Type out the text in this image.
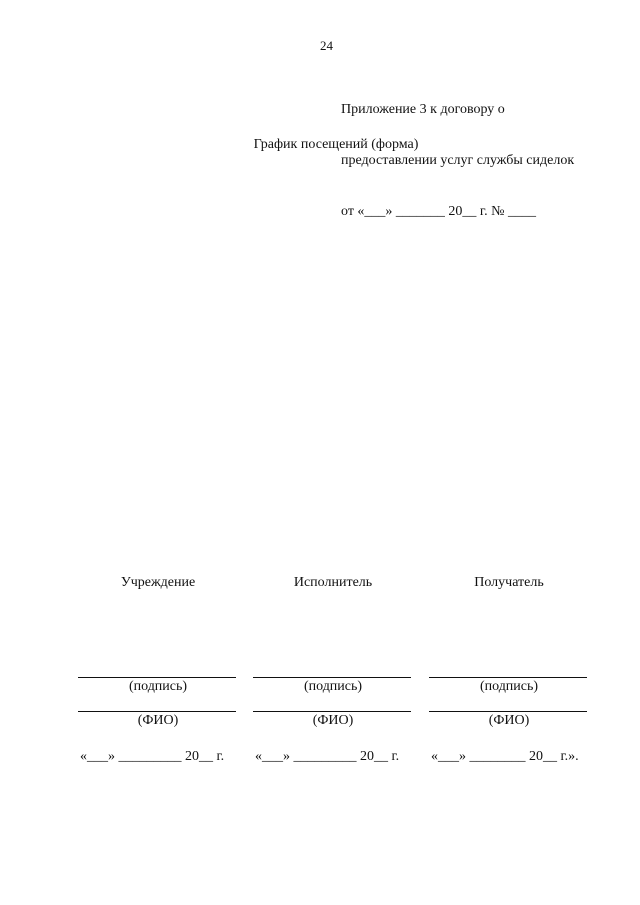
24

Приложение 3 к договору о

предоставлении услуг службы сиделок

от «___» _______ 20__ г. № ____

График посещений (форма)
Учреждение
(подпись)
(ФИО)
«___» _________ 20__ г.
Исполнитель
(подпись)
(ФИО)
«___» _________ 20__ г.
Получатель
(подпись)
(ФИО)
«___» ________ 20__ г.».
